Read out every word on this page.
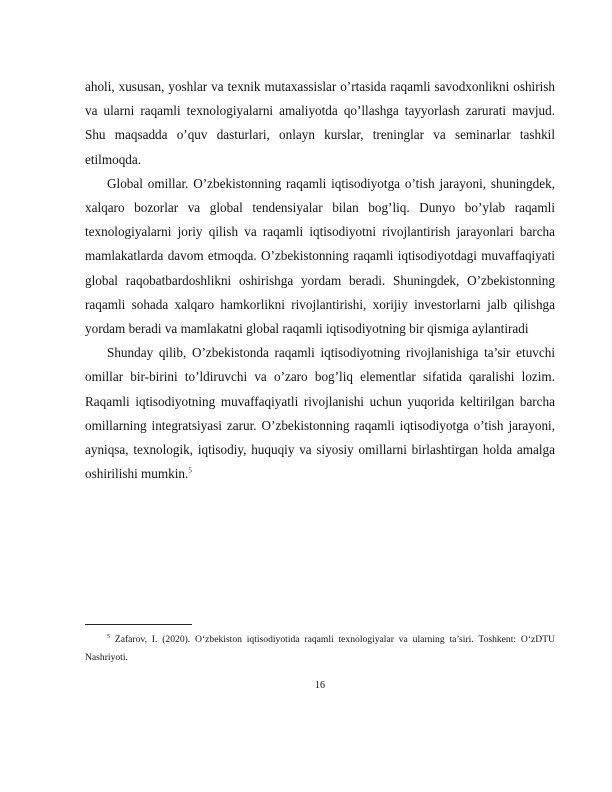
aholi, xususan, yoshlar va texnik mutaxassislar o’rtasida raqamli savodxonlikni oshirish va ularni raqamli texnologiyalarni amaliyotda qo’llashga tayyorlash zarurati mavjud. Shu maqsadda o’quv dasturlari, onlayn kurslar, treninglar va seminarlar tashkil etilmoqda.

Global omillar. O’zbekistonning raqamli iqtisodiyotga o’tish jarayoni, shuningdek, xalqaro bozorlar va global tendensiyalar bilan bog’liq. Dunyo bo’ylab raqamli texnologiyalarni joriy qilish va raqamli iqtisodiyotni rivojlantirish jarayonlari barcha mamlakatlarda davom etmoqda. O’zbekistonning raqamli iqtisodiyotdagi muvaffaqiyati global raqobatbardoshlikni oshirishga yordam beradi. Shuningdek, O’zbekistonning raqamli sohada xalqaro hamkorlikni rivojlantirishi, xorijiy investorlarni jalb qilishga yordam beradi va mamlakatni global raqamli iqtisodiyotning bir qismiga aylantiradi

Shunday qilib, O’zbekistonda raqamli iqtisodiyotning rivojlanishiga ta’sir etuvchi omillar bir-birini to’ldiruvchi va o’zaro bog’liq elementlar sifatida qaralishi lozim. Raqamli iqtisodiyotning muvaffaqiyatli rivojlanishi uchun yuqorida keltirilgan barcha omillarning integratsiyasi zarur. O’zbekistonning raqamli iqtisodiyotga o’tish jarayoni, ayniqsa, texnologik, iqtisodiy, huquqiy va siyosiy omillarni birlashtirgan holda amalga oshirilishi mumkin.$^5$

$^5$ Zafarov, I. (2020). O‘zbekiston iqtisodiyotida raqamli texnologiyalar va ularning ta’siri. Toshkent: O‘zDTU Nashriyoti.
16
